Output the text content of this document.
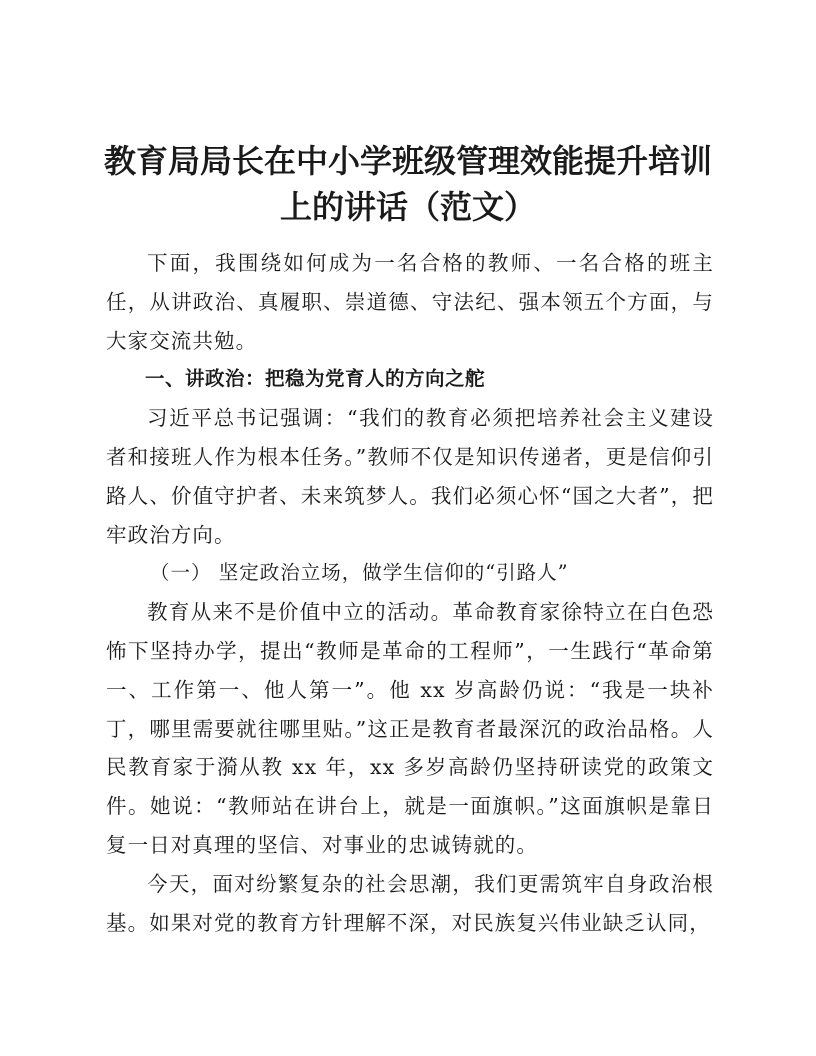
教育局局长在中小学班级管理效能提升培训上的讲话（范文）

下面，我围绕如何成为一名合格的教师、一名合格的班主任，从讲政治、真履职、崇道德、守法纪、强本领五个方面，与大家交流共勉。

一、讲政治：把稳为党育人的方向之舵

习近平总书记强调：“我们的教育必须把培养社会主义建设者和接班人作为根本任务。”教师不仅是知识传递者，更是信仰引路人、价值守护者、未来筑梦人。我们必须心怀“国之大者”，把牢政治方向。

（一） 坚定政治立场，做学生信仰的“引路人”

教育从来不是价值中立的活动。革命教育家徐特立在白色恐怖下坚持办学，提出“教师是革命的工程师”，一生践行“革命第一、工作第一、他人第一”。他 xx 岁高龄仍说：“我是一块补丁，哪里需要就往哪里贴。”这正是教育者最深沉的政治品格。人民教育家于漪从教 xx 年，xx 多岁高龄仍坚持研读党的政策文件。她说：“教师站在讲台上，就是一面旗帜。”这面旗帜是靠日复一日对真理的坚信、对事业的忠诚铸就的。

今天，面对纷繁复杂的社会思潮，我们更需筑牢自身政治根基。如果对党的教育方针理解不深，对民族复兴伟业缺乏认同，
